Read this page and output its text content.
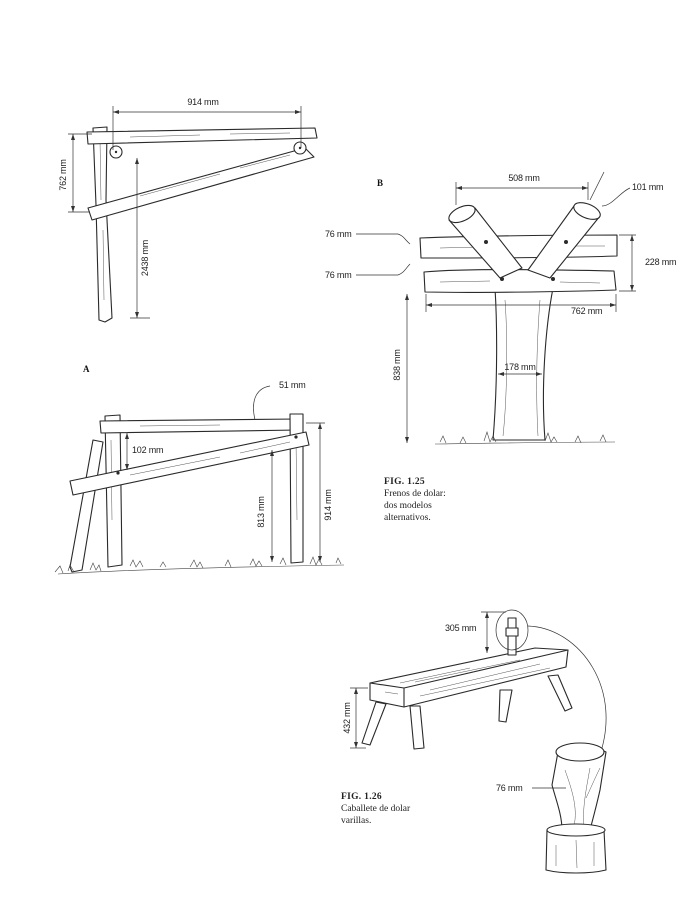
914 mm
762 mm
2438 mm
A
51 mm
102 mm
813 mm	914 mm
B	508 mm
101 mm
76 mm
76 mm
228 mm
762 mm
838 mm	178 mm
305 mm
432 mm
76 mm
FIG. 1.25
Frenos de dolar:
dos modelos
alternativos.
FIG. 1.26
Caballete de dolar
varillas.
